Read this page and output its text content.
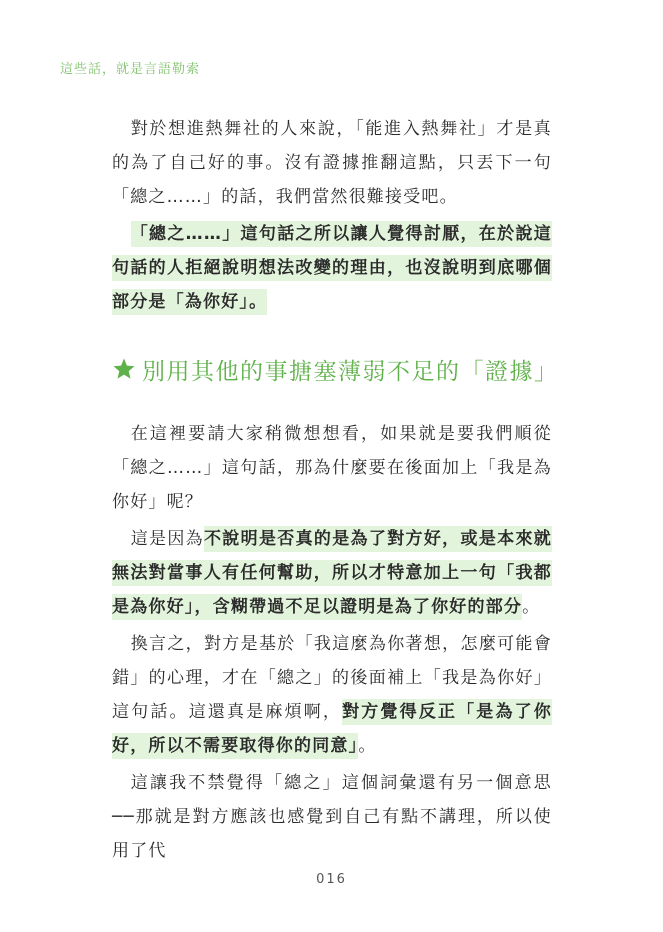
這些話，就是言語勒索

對於想進熱舞社的人來說，「能進入熱舞社」才是真的為了自己好的事。沒有證據推翻這點，只丟下一句「總之……」的話，我們當然很難接受吧。

「總之……」這句話之所以讓人覺得討厭，在於說這句話的人拒絕說明想法改變的理由，也沒說明到底哪個部分是「為你好」。

別用其他的事搪塞薄弱不足的「證據」

在這裡要請大家稍微想想看，如果就是要我們順從「總之……」這句話，那為什麼要在後面加上「我是為你好」呢？

這是因為不說明是否真的是為了對方好，或是本來就無法對當事人有任何幫助，所以才特意加上一句「我都是為你好」，含糊帶過不足以證明是為了你好的部分。

換言之，對方是基於「我這麼為你著想，怎麼可能會錯」的心理，才在「總之」的後面補上「我是為你好」這句話。這還真是麻煩啊，對方覺得反正「是為了你好，所以不需要取得你的同意」。

這讓我不禁覺得「總之」這個詞彙還有另一個意思──那就是對方應該也感覺到自己有點不講理，所以使用了代

016
